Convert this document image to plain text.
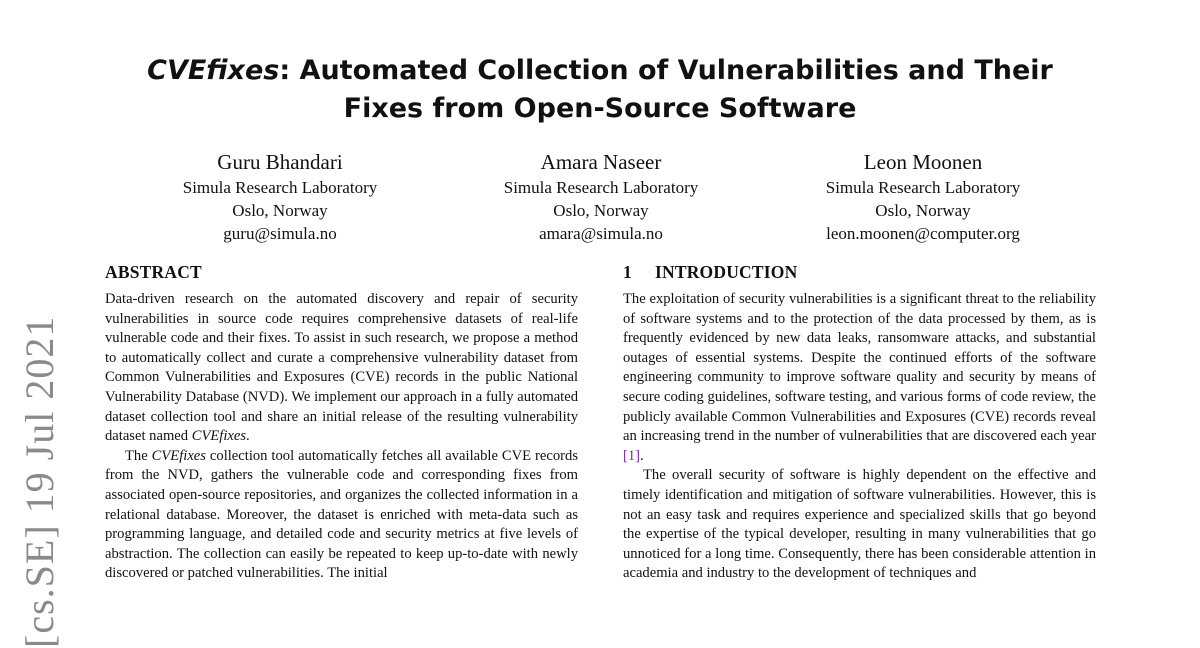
[cs.SE] 19 Jul 2021
CVEfixes: Automated Collection of Vulnerabilities and Their
Fixes from Open-Source Software
Guru Bhandari
Simula Research Laboratory
Oslo, Norway
guru@simula.no
Amara Naseer
Simula Research Laboratory
Oslo, Norway
amara@simula.no
Leon Moonen
Simula Research Laboratory
Oslo, Norway
leon.moonen@computer.org
ABSTRACT

Data-driven research on the automated discovery and repair of security vulnerabilities in source code requires comprehensive datasets of real-life vulnerable code and their fixes. To assist in such research, we propose a method to automatically collect and curate a comprehensive vulnerability dataset from Common Vulnerabilities and Exposures (CVE) records in the public National Vulnerability Database (NVD). We implement our approach in a fully automated dataset collection tool and share an initial release of the resulting vulnerability dataset named CVEfixes.

The CVEfixes collection tool automatically fetches all available CVE records from the NVD, gathers the vulnerable code and corresponding fixes from associated open-source repositories, and organizes the collected information in a relational database. Moreover, the dataset is enriched with meta-data such as programming language, and detailed code and security metrics at five levels of abstraction. The collection can easily be repeated to keep up-to-date with newly discovered or patched vulnerabilities. The initial

1 INTRODUCTION

The exploitation of security vulnerabilities is a significant threat to the reliability of software systems and to the protection of the data processed by them, as is frequently evidenced by new data leaks, ransomware attacks, and substantial outages of essential systems. Despite the continued efforts of the software engineering community to improve software quality and security by means of secure coding guidelines, software testing, and various forms of code review, the publicly available Common Vulnerabilities and Exposures (CVE) records reveal an increasing trend in the number of vulnerabilities that are discovered each year [1].

The overall security of software is highly dependent on the effective and timely identification and mitigation of software vulnerabilities. However, this is not an easy task and requires experience and specialized skills that go beyond the expertise of the typical developer, resulting in many vulnerabilities that go unnoticed for a long time. Consequently, there has been considerable attention in academia and industry to the development of techniques and
